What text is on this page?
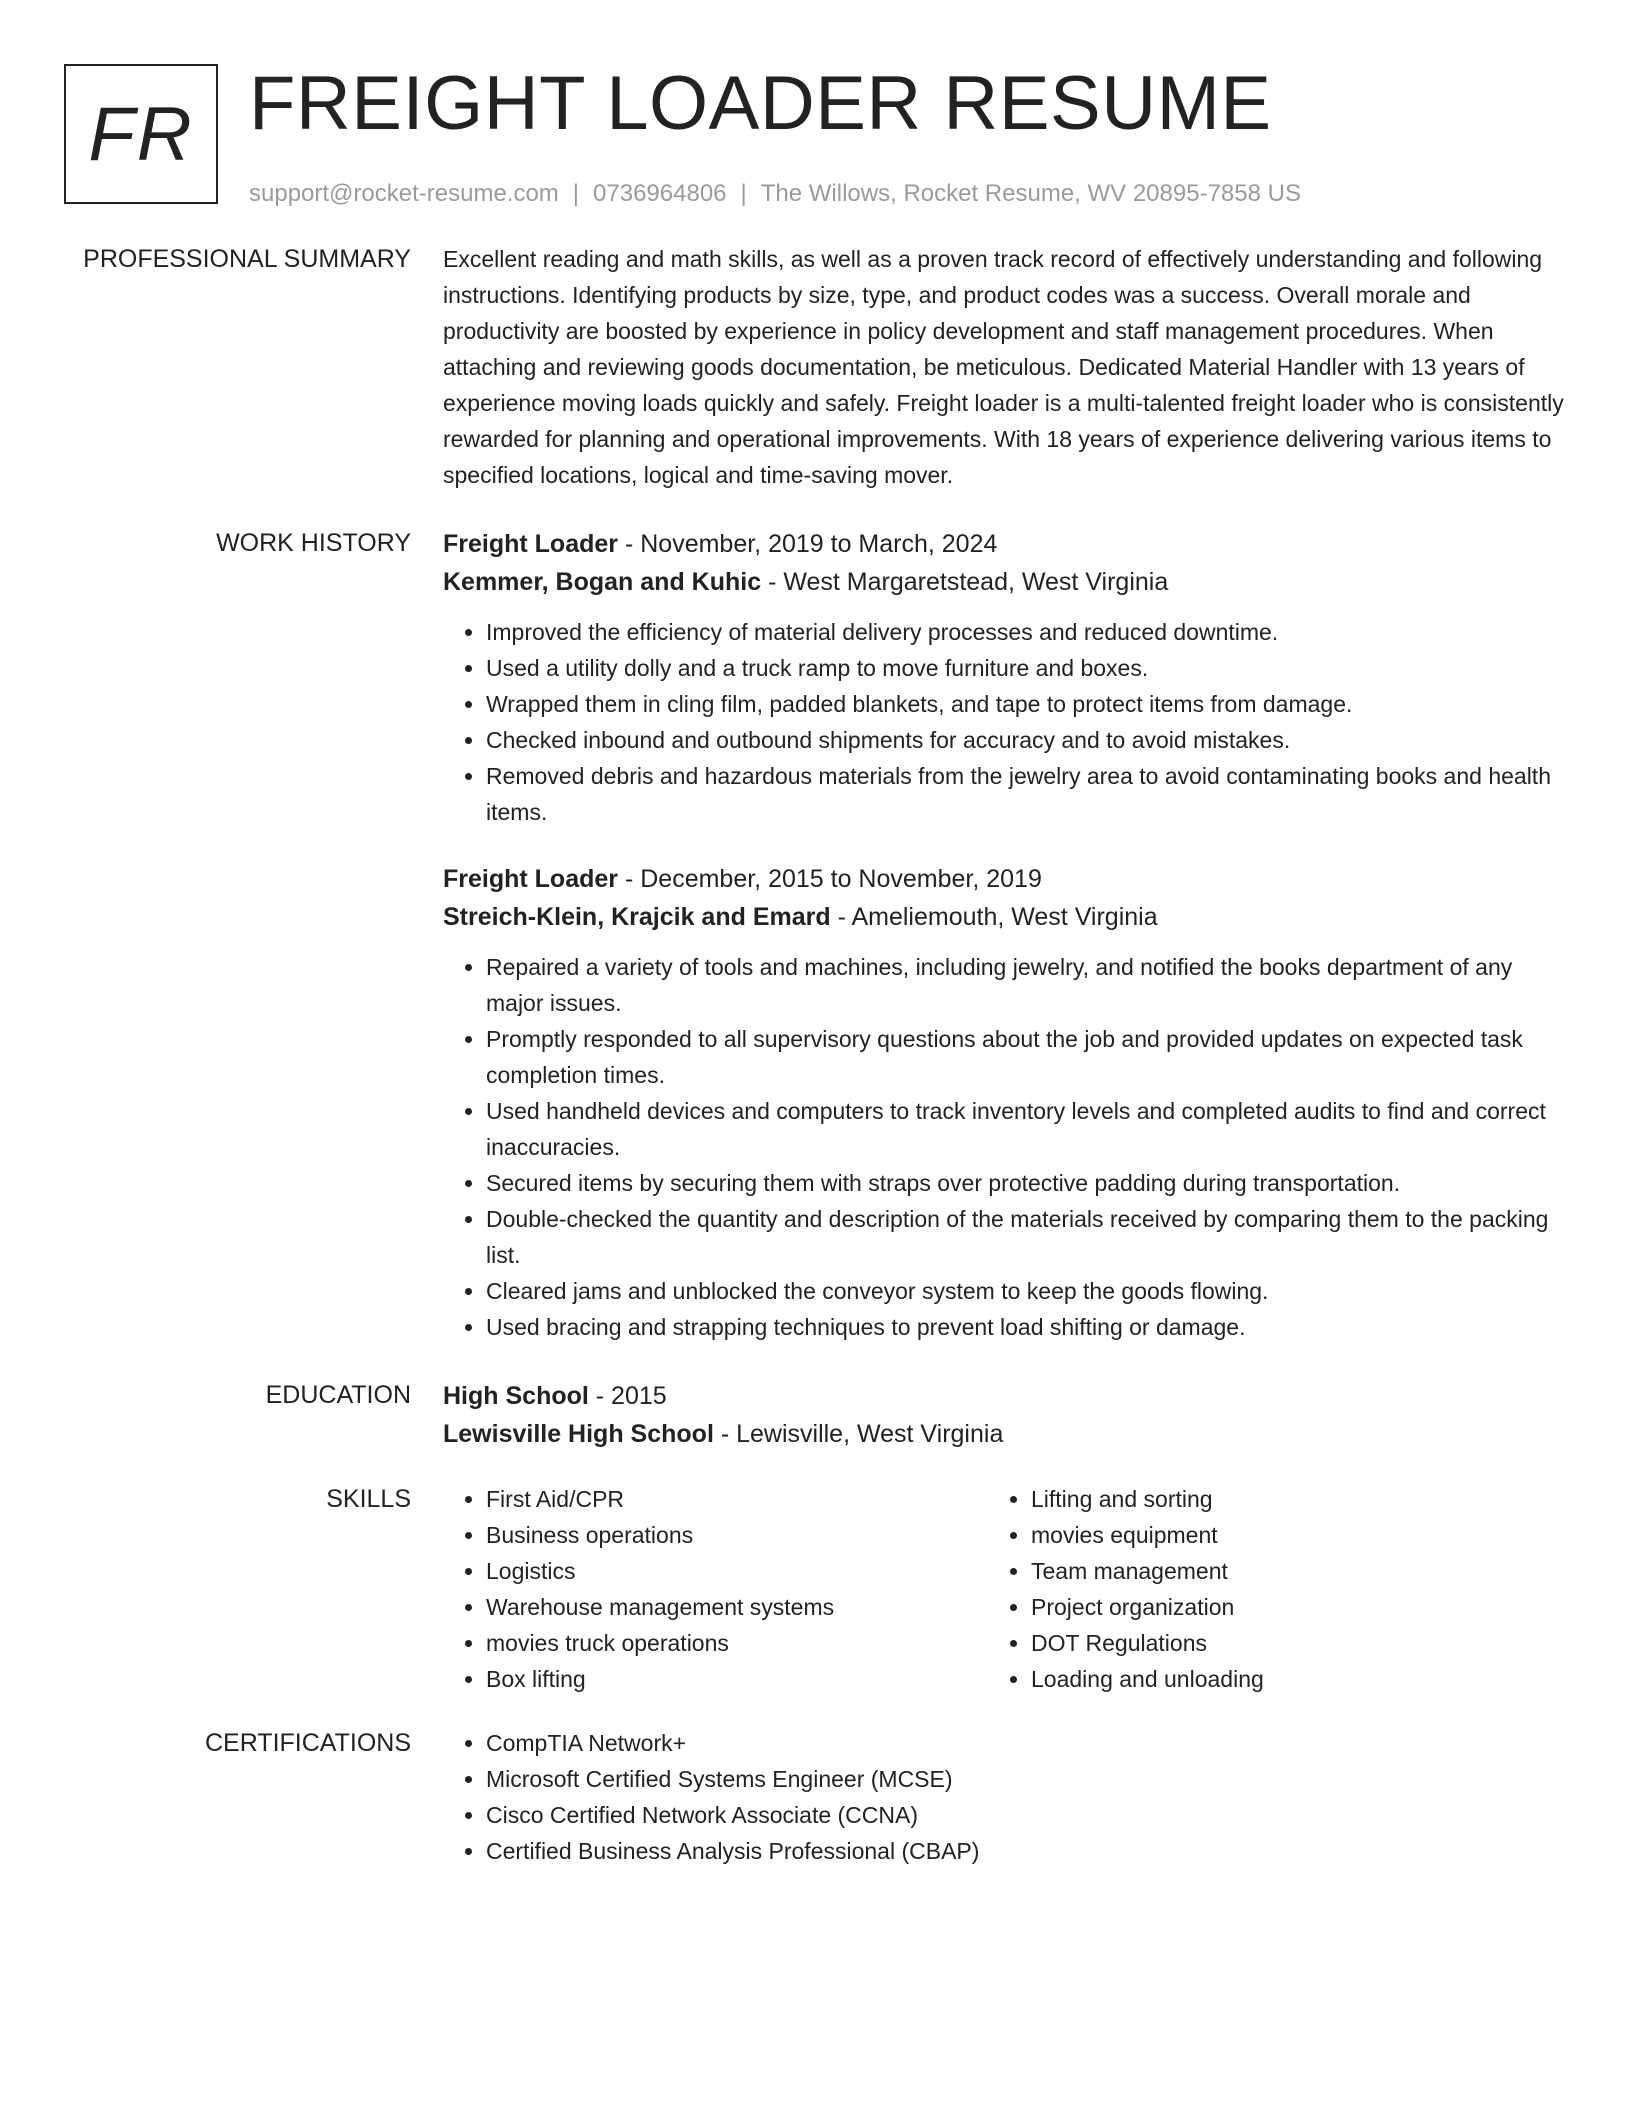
FR FREIGHT LOADER RESUME
support@rocket-resume.com | 0736964806 | The Willows, Rocket Resume, WV 20895-7858 US
PROFESSIONAL SUMMARY Excellent reading and math skills, as well as a proven track record of effectively understanding and following instructions. Identifying products by size, type, and product codes was a success. Overall morale and productivity are boosted by experience in policy development and staff management procedures. When attaching and reviewing goods documentation, be meticulous. Dedicated Material Handler with 13 years of experience moving loads quickly and safely. Freight loader is a multi-talented freight loader who is consistently rewarded for planning and operational improvements. With 18 years of experience delivering various items to specified locations, logical and time-saving mover.

WORK HISTORY Freight Loader - November, 2019 to March, 2024
Kemmer, Bogan and Kuhic - West Margaretstead, West Virginia
• Improved the efficiency of material delivery processes and reduced downtime.
• Used a utility dolly and a truck ramp to move furniture and boxes.
• Wrapped them in cling film, padded blankets, and tape to protect items from damage.
• Checked inbound and outbound shipments for accuracy and to avoid mistakes.
• Removed debris and hazardous materials from the jewelry area to avoid contaminating books and health items.
Freight Loader - December, 2015 to November, 2019
Streich-Klein, Krajcik and Emard - Ameliemouth, West Virginia
• Repaired a variety of tools and machines, including jewelry, and notified the books department of any major issues.
• Promptly responded to all supervisory questions about the job and provided updates on expected task completion times.
• Used handheld devices and computers to track inventory levels and completed audits to find and correct inaccuracies.
• Secured items by securing them with straps over protective padding during transportation.
• Double-checked the quantity and description of the materials received by comparing them to the packing list.
• Cleared jams and unblocked the conveyor system to keep the goods flowing.
• Used bracing and strapping techniques to prevent load shifting or damage.
EDUCATION High School - 2015
Lewisville High School - Lewisville, West Virginia
SKILLS	• First Aid/CPR
• Business operations
• Logistics
• Warehouse management systems
• movies truck operations
• Box lifting
• Lifting and sorting
• movies equipment
• Team management
• Project organization
• DOT Regulations
• Loading and unloading
CERTIFICATIONS	• CompTIA Network+
• Microsoft Certified Systems Engineer (MCSE)
• Cisco Certified Network Associate (CCNA)
• Certified Business Analysis Professional (CBAP)
